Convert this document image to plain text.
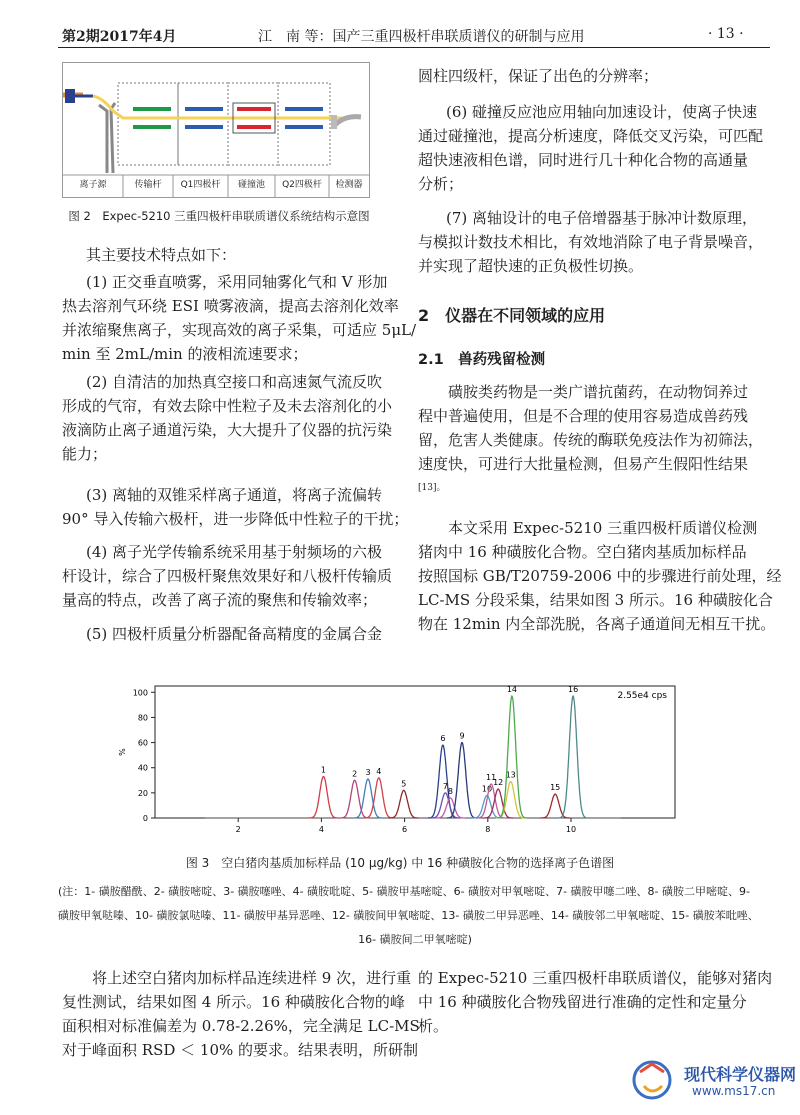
第2期2017年4月	江　南 等：国产三重四极杆串联质谱仪的研制与应用	· 13 ·
离子源	传输杆	Q1四极杆	碰撞池	Q2四极杆	检测器
图 2　Expec-5210 三重四极杆串联质谱仪系统结构示意图
其主要技术特点如下：
(1) 正交垂直喷雾，采用同轴雾化气和 V 形加
热去溶剂气环绕 ESI 喷雾液滴，提高去溶剂化效率
并浓缩聚焦离子，实现高效的离子采集，可适应 5μL/
min 至 2mL/min 的液相流速要求；
(2) 自清洁的加热真空接口和高速氮气流反吹
形成的气帘，有效去除中性粒子及未去溶剂化的小
液滴防止离子通道污染，大大提升了仪器的抗污染
能力；
(3) 离轴的双锥采样离子通道，将离子流偏转
90° 导入传输六极杆，进一步降低中性粒子的干扰；
(4) 离子光学传输系统采用基于射频场的六极
杆设计，综合了四极杆聚焦效果好和八极杆传输质
量高的特点，改善了离子流的聚焦和传输效率；
(5) 四极杆质量分析器配备高精度的金属合金
圆柱四级杆，保证了出色的分辨率；
(6) 碰撞反应池应用轴向加速设计，使离子快速
通过碰撞池，提高分析速度，降低交叉污染，可匹配
超快速液相色谱，同时进行几十种化合物的高通量
分析；
(7) 离轴设计的电子倍增器基于脉冲计数原理，
与模拟计数技术相比，有效地消除了电子背景噪音，
并实现了超快速的正负极性切换。
2　仪器在不同领域的应用
2.1　兽药残留检测
磺胺类药物是一类广谱抗菌药，在动物饲养过
程中普遍使用，但是不合理的使用容易造成兽药残
留，危害人类健康。传统的酶联免疫法作为初筛法，
速度快，可进行大批量检测，但易产生假阳性结果
[13]。
本文采用 Expec-5210 三重四极杆质谱仪检测
猪肉中 16 种磺胺化合物。空白猪肉基质加标样品
按照国标 GB/T20759-2006 中的步骤进行前处理，经
LC-MS 分段采集，结果如图 3 所示。16 种磺胺化合
物在 12min 内全部洗脱，各离子通道间无相互干扰。
0
20
40
60
80
100
2	4	6	8	10
%
2.55e4 cps
1	2 3 4
5
6
7
8
9
10
11
12
13
14
15
16
图 3　空白猪肉基质加标样品 (10 μg/kg) 中 16 种磺胺化合物的选择离子色谱图
(注：1- 磺胺醋酰、2- 磺胺嘧啶、3- 磺胺噻唑、4- 磺胺吡啶、5- 磺胺甲基嘧啶、6- 磺胺对甲氧嘧啶、7- 磺胺甲噻二唑、8- 磺胺二甲嘧啶、9-
磺胺甲氧哒嗪、10- 磺胺氯哒嗪、11- 磺胺甲基异恶唑、12- 磺胺间甲氧嘧啶、13- 磺胺二甲异恶唑、14- 磺胺邻二甲氧嘧啶、15- 磺胺苯吡唑、
16- 磺胺间二甲氧嘧啶)
将上述空白猪肉加标样品连续进样 9 次，进行重
复性测试，结果如图 4 所示。16 种磺胺化合物的峰
面积相对标准偏差为 0.78-2.26%，完全满足 LC-MS
对于峰面积 RSD ＜ 10% 的要求。结果表明，所研制
的 Expec-5210 三重四极杆串联质谱仪，能够对猪肉
中 16 种磺胺化合物残留进行准确的定性和定量分
析。
现代科学仪器网
www.ms17.cn
